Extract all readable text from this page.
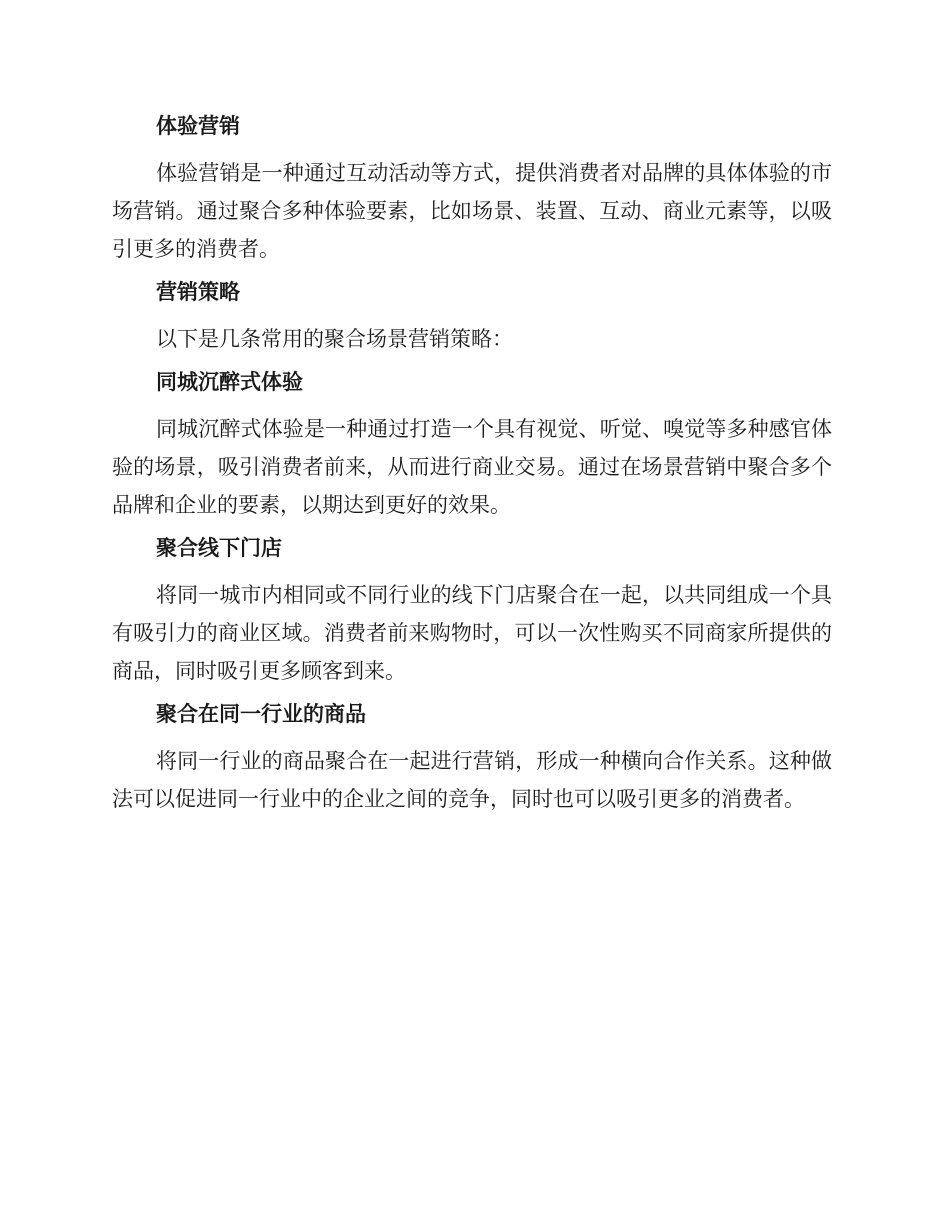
体验营销
体验营销是一种通过互动活动等方式，提供消费者对品牌的具体体验的市场营销。通过聚合多种体验要素，比如场景、装置、互动、商业元素等，以吸引更多的消费者。
营销策略
以下是几条常用的聚合场景营销策略：
同城沉醉式体验
同城沉醉式体验是一种通过打造一个具有视觉、听觉、嗅觉等多种感官体验的场景，吸引消费者前来，从而进行商业交易。通过在场景营销中聚合多个品牌和企业的要素，以期达到更好的效果。
聚合线下门店
将同一城市内相同或不同行业的线下门店聚合在一起，以共同组成一个具有吸引力的商业区域。消费者前来购物时，可以一次性购买不同商家所提供的商品，同时吸引更多顾客到来。
聚合在同一行业的商品
将同一行业的商品聚合在一起进行营销，形成一种横向合作关系。这种做法可以促进同一行业中的企业之间的竞争，同时也可以吸引更多的消费者。
